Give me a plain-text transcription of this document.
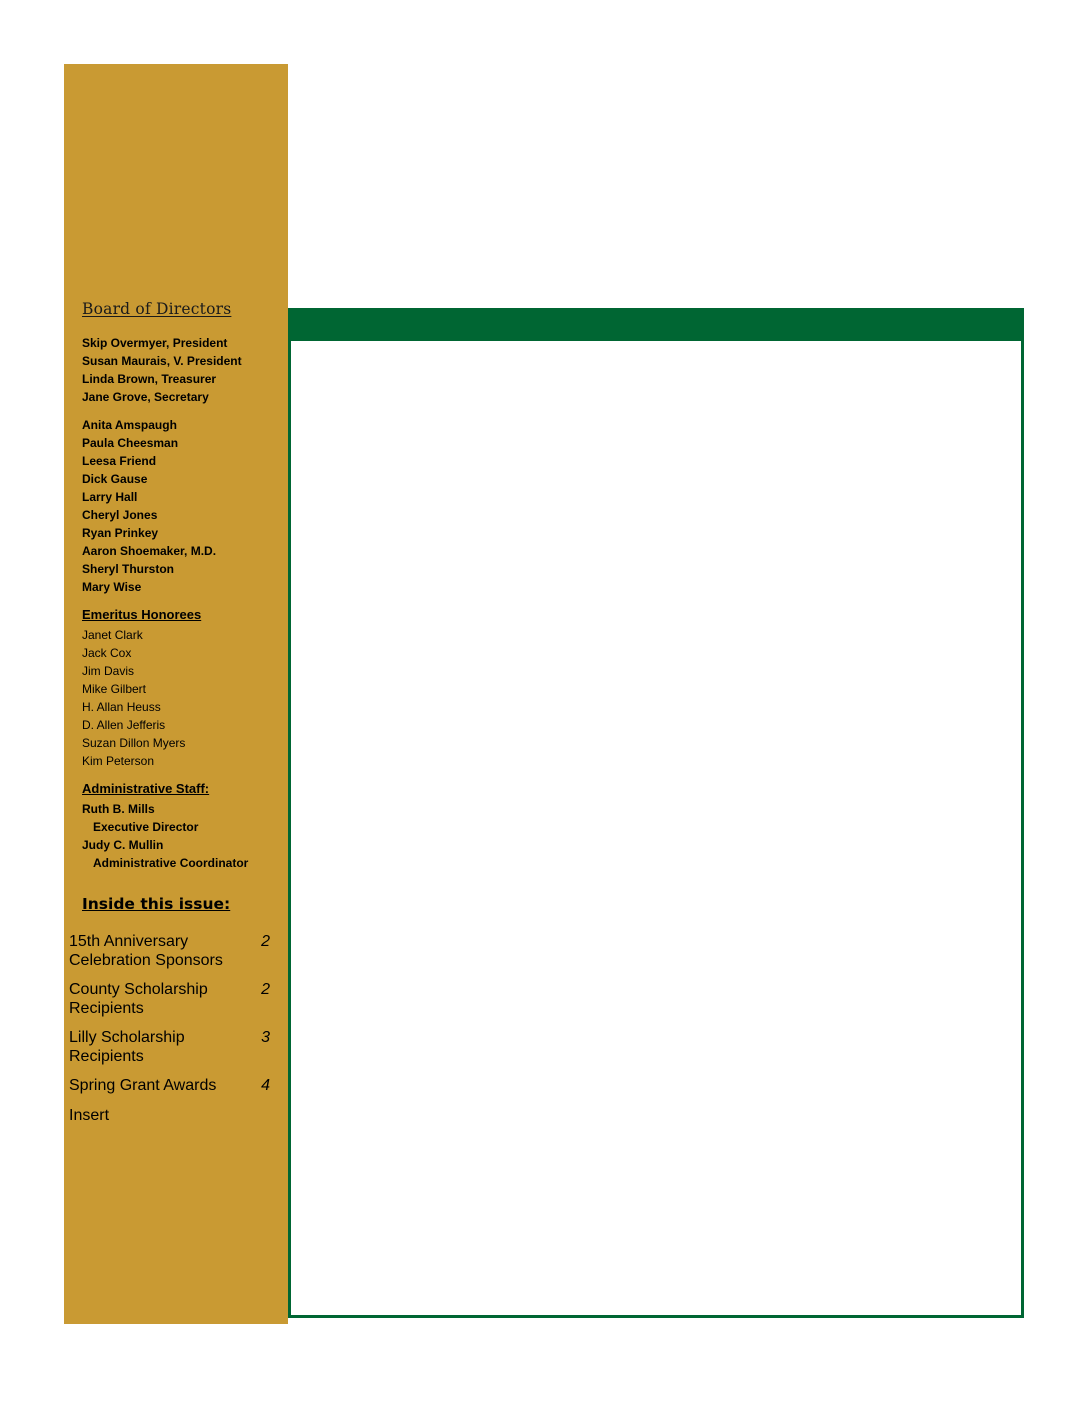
Board of Directors
Skip Overmyer, President
Susan Maurais, V. President
Linda Brown, Treasurer
Jane Grove, Secretary
Anita Amspaugh
Paula Cheesman
Leesa Friend
Dick Gause
Larry Hall
Cheryl Jones
Ryan Prinkey
Aaron Shoemaker, M.D.
Sheryl Thurston
Mary Wise
Emeritus Honorees
Janet Clark
Jack Cox
Jim Davis
Mike Gilbert
H. Allan Heuss
D. Allen Jefferis
Suzan Dillon Myers
Kim Peterson
Administrative Staff:
Ruth B. Mills
Executive Director
Judy C. Mullin
Administrative Coordinator
Inside this issue:
15th Anniversary Celebration Sponsors
2
County Scholarship Recipients
2
Lilly Scholarship Recipients
3
Spring Grant Awards	4
Insert
